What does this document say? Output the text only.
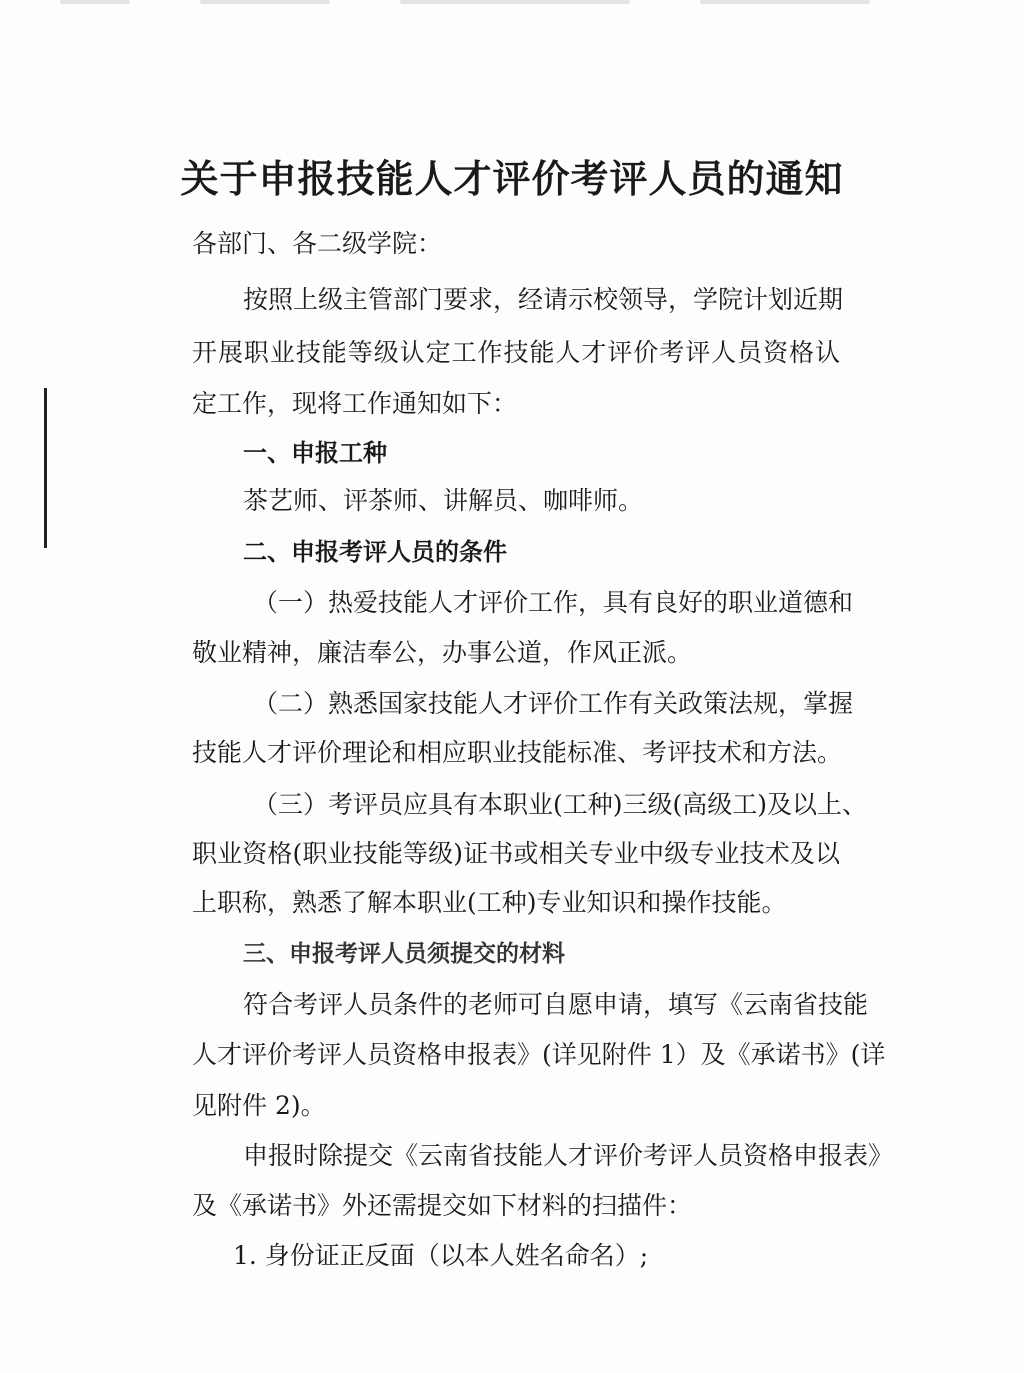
关于申报技能人才评价考评人员的通知

各部门、各二级学院：

按照上级主管部门要求，经请示校领导，学院计划近期

开展职业技能等级认定工作技能人才评价考评人员资格认

定工作，现将工作通知如下：

一、申报工种

茶艺师、评茶师、讲解员、咖啡师。

二、申报考评人员的条件

（一）热爱技能人才评价工作，具有良好的职业道德和

敬业精神，廉洁奉公，办事公道，作风正派。

（二）熟悉国家技能人才评价工作有关政策法规，掌握

技能人才评价理论和相应职业技能标准、考评技术和方法。

（三）考评员应具有本职业(工种)三级(高级工)及以上、

职业资格(职业技能等级)证书或相关专业中级专业技术及以

上职称，熟悉了解本职业(工种)专业知识和操作技能。

三、申报考评人员须提交的材料

符合考评人员条件的老师可自愿申请，填写《云南省技能

人才评价考评人员资格申报表》(详见附件 1）及《承诺书》(详

见附件 2)。

申报时除提交《云南省技能人才评价考评人员资格申报表》

及《承诺书》外还需提交如下材料的扫描件：

1. 身份证正反面（以本人姓名命名）;
